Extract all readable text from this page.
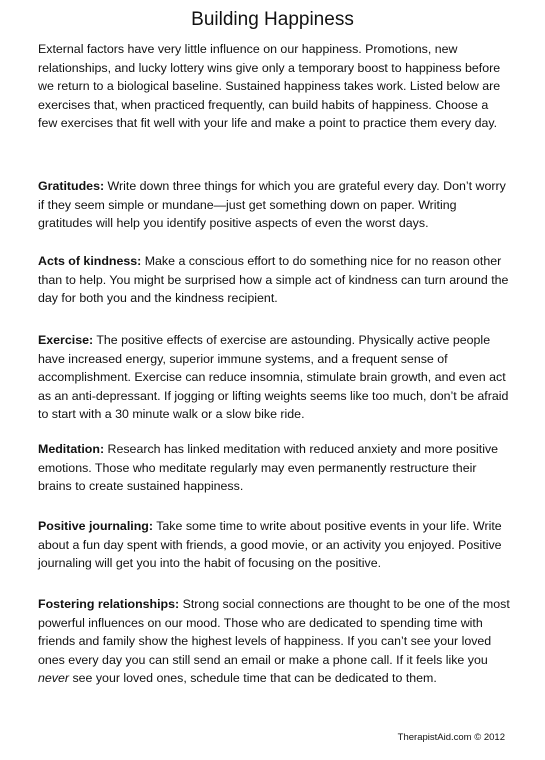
Building Happiness

External factors have very little influence on our happiness. Promotions, new relationships, and lucky lottery wins give only a temporary boost to happiness before we return to a biological baseline. Sustained happiness takes work. Listed below are exercises that, when practiced frequently, can build habits of happiness. Choose a few exercises that fit well with your life and make a point to practice them every day.

Gratitudes: Write down three things for which you are grateful every day. Don’t worry if they seem simple or mundane—just get something down on paper. Writing gratitudes will help you identify positive aspects of even the worst days.

Acts of kindness: Make a conscious effort to do something nice for no reason other than to help. You might be surprised how a simple act of kindness can turn around the day for both you and the kindness recipient.

Exercise: The positive effects of exercise are astounding. Physically active people have increased energy, superior immune systems, and a frequent sense of accomplishment. Exercise can reduce insomnia, stimulate brain growth, and even act as an anti-depressant. If jogging or lifting weights seems like too much, don’t be afraid to start with a 30 minute walk or a slow bike ride.

Meditation: Research has linked meditation with reduced anxiety and more positive emotions. Those who meditate regularly may even permanently restructure their brains to create sustained happiness.

Positive journaling: Take some time to write about positive events in your life. Write about a fun day spent with friends, a good movie, or an activity you enjoyed. Positive journaling will get you into the habit of focusing on the positive.

Fostering relationships: Strong social connections are thought to be one of the most powerful influences on our mood. Those who are dedicated to spending time with friends and family show the highest levels of happiness. If you can’t see your loved ones every day you can still send an email or make a phone call. If it feels like you never see your loved ones, schedule time that can be dedicated to them.

TherapistAid.com © 2012
